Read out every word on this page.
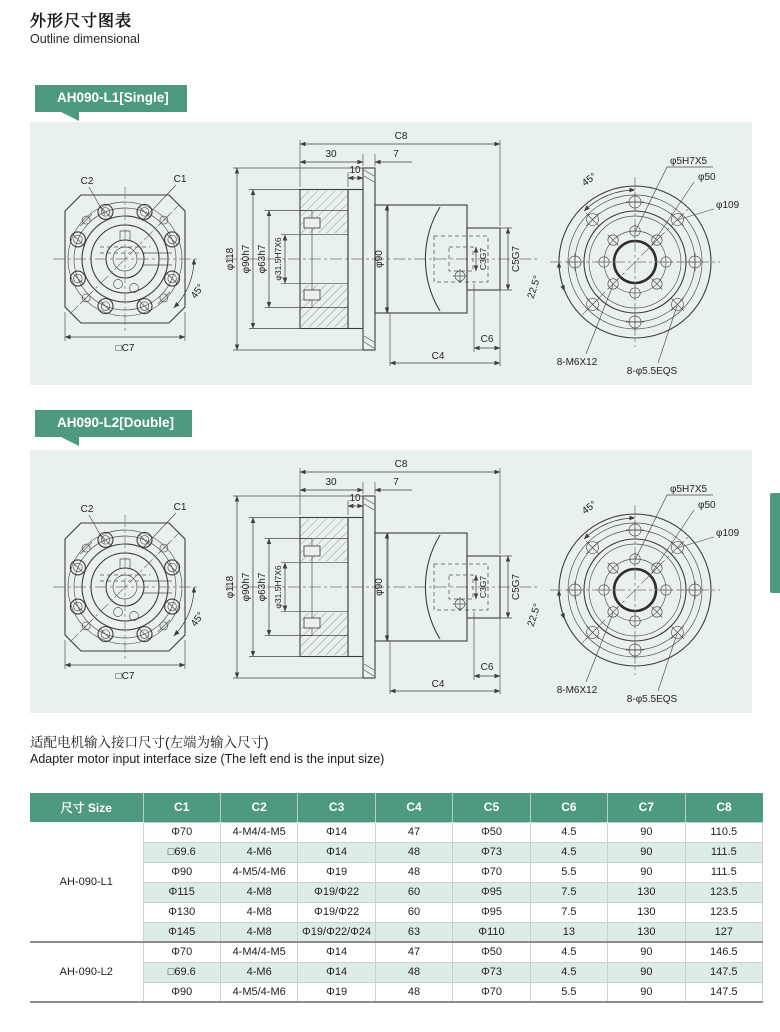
外形尺寸图表
Outline dimensional
AH090-L1[Single]
AH090-L2[Double]
适配电机输入接口尺寸(左端为输入尺寸)
Adapter motor input interface size (The left end is the input size)
尺寸 Size	C1	C2	C3	C4	C5	C6	C7	C8
AH-090-L1	Φ70	4-M4/4-M5	Φ14	47	Φ50	4.5	90	110.5
	□69.6	4-M6	Φ14	48	Φ73	4.5	90	111.5
	Φ90	4-M5/4-M6	Φ19	48	Φ70	5.5	90	111.5
	Φ115	4-M8	Φ19/Φ22	60	Φ95	7.5	130	123.5
	Φ130	4-M8	Φ19/Φ22	60	Φ95	7.5	130	123.5
	Φ145	4-M8	Φ19/Φ22/Φ24	63	Φ110	13	130	127
AH-090-L2	Φ70	4-M4/4-M5	Φ14	47	Φ50	4.5	90	146.5
	□69.6	4-M6	Φ14	48	Φ73	4.5	90	147.5
	Φ90	4-M5/4-M6	Φ19	48	Φ70	5.5	90	147.5
